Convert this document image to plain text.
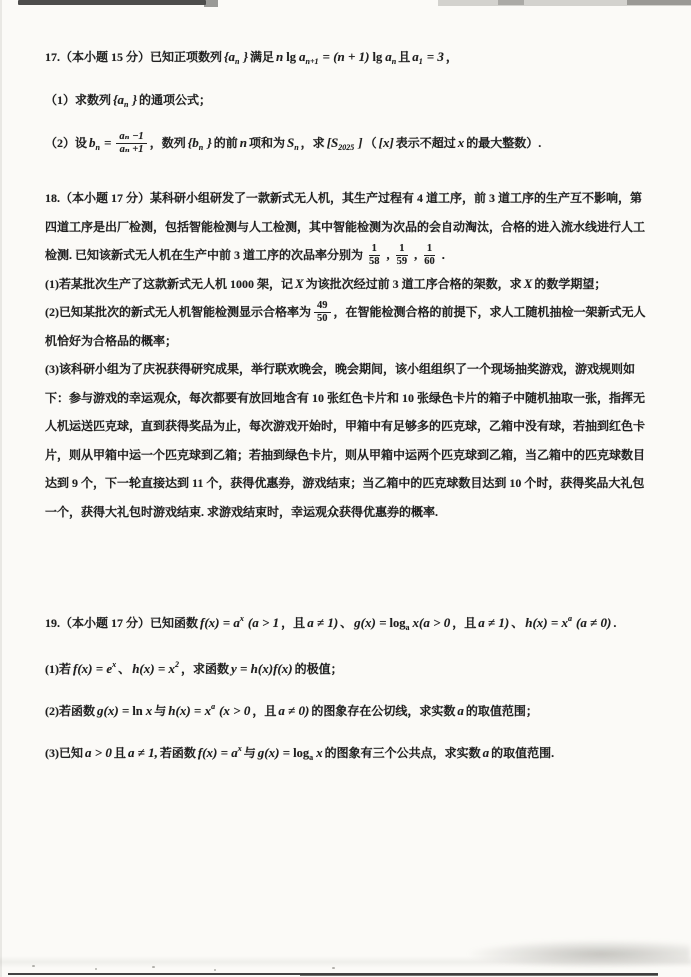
17.（本小题 15 分）已知正项数列 {$a_n$ } 满足 n $\lg a_{n+1} = (n + 1)$ $\lg a_n$ 且 $a_1 = 3$ ，
（1）求数列 {$a_n$ } 的通项公式；
（2）设 $b_n = \frac{\text{aₙ −1}}{\text{aₙ +1}}$ ，数列 {$b_n$ } 的前 n 项和为 $S_n$ ，求 [$S_{2025}$ ] （ [x] 表示不超过 x 的最大整数）.
18.（本小题 17 分）某科研小组研发了一款新式无人机，其生产过程有 4 道工序，前 3 道工序的生产互不影响，第
四道工序是出厂检测，包括智能检测与人工检测，其中智能检测为次品的会自动淘汰，合格的进入流水线进行人工
检测. 已知该新式无人机在生产中前 3 道工序的次品率分别为 $\frac{1}{58}$ , $\frac{1}{59}$ , $\frac{1}{60}$ .
(1)若某批次生产了这款新式无人机 1000 架，记 X 为该批次经过前 3 道工序合格的架数，求 X 的数学期望；
(2)已知某批次的新式无人机智能检测显示合格率为 $\frac{49}{50}$ ，在智能检测合格的前提下，求人工随机抽检一架新式无人
机恰好为合格品的概率；
(3)该科研小组为了庆祝获得研究成果，举行联欢晚会，晚会期间，该小组组织了一个现场抽奖游戏，游戏规则如
下：参与游戏的幸运观众，每次都要有放回地含有 10 张红色卡片和 10 张绿色卡片的箱子中随机抽取一张，指挥无
人机运送匹克球，直到获得奖品为止，每次游戏开始时，甲箱中有足够多的匹克球，乙箱中没有球，若抽到红色卡
片，则从甲箱中运一个匹克球到乙箱；若抽到绿色卡片，则从甲箱中运两个匹克球到乙箱，当乙箱中的匹克球数目
达到 9 个，下一轮直接达到 11 个，获得优惠券，游戏结束；当乙箱中的匹克球数目达到 10 个时，获得奖品大礼包
一个，获得大礼包时游戏结束. 求游戏结束时，幸运观众获得优惠券的概率.
19.（本小题 17 分）已知函数 $f(x) = a^x$ (a > 1 ，且 a ≠ 1) 、 $g(x) = \log_a x(a > 0$ ，且 a ≠ 1) 、 $h(x) = x^a$ (a ≠ 0) .
(1)若 $f(x) = e^x$ 、 $h(x) = x^2$ ，求函数 y = h(x)f(x) 的极值；
(2)若函数 g(x) = ln x 与 $h(x) = x^a$ (x > 0 ，且 a ≠ 0) 的图象存在公切线，求实数 a 的取值范围；
(3)已知 a > 0 且 a ≠ 1, 若函数 $f(x) = a^x$ 与 $g(x) = \log_a x$ 的图象有三个公共点，求实数 a 的取值范围.
